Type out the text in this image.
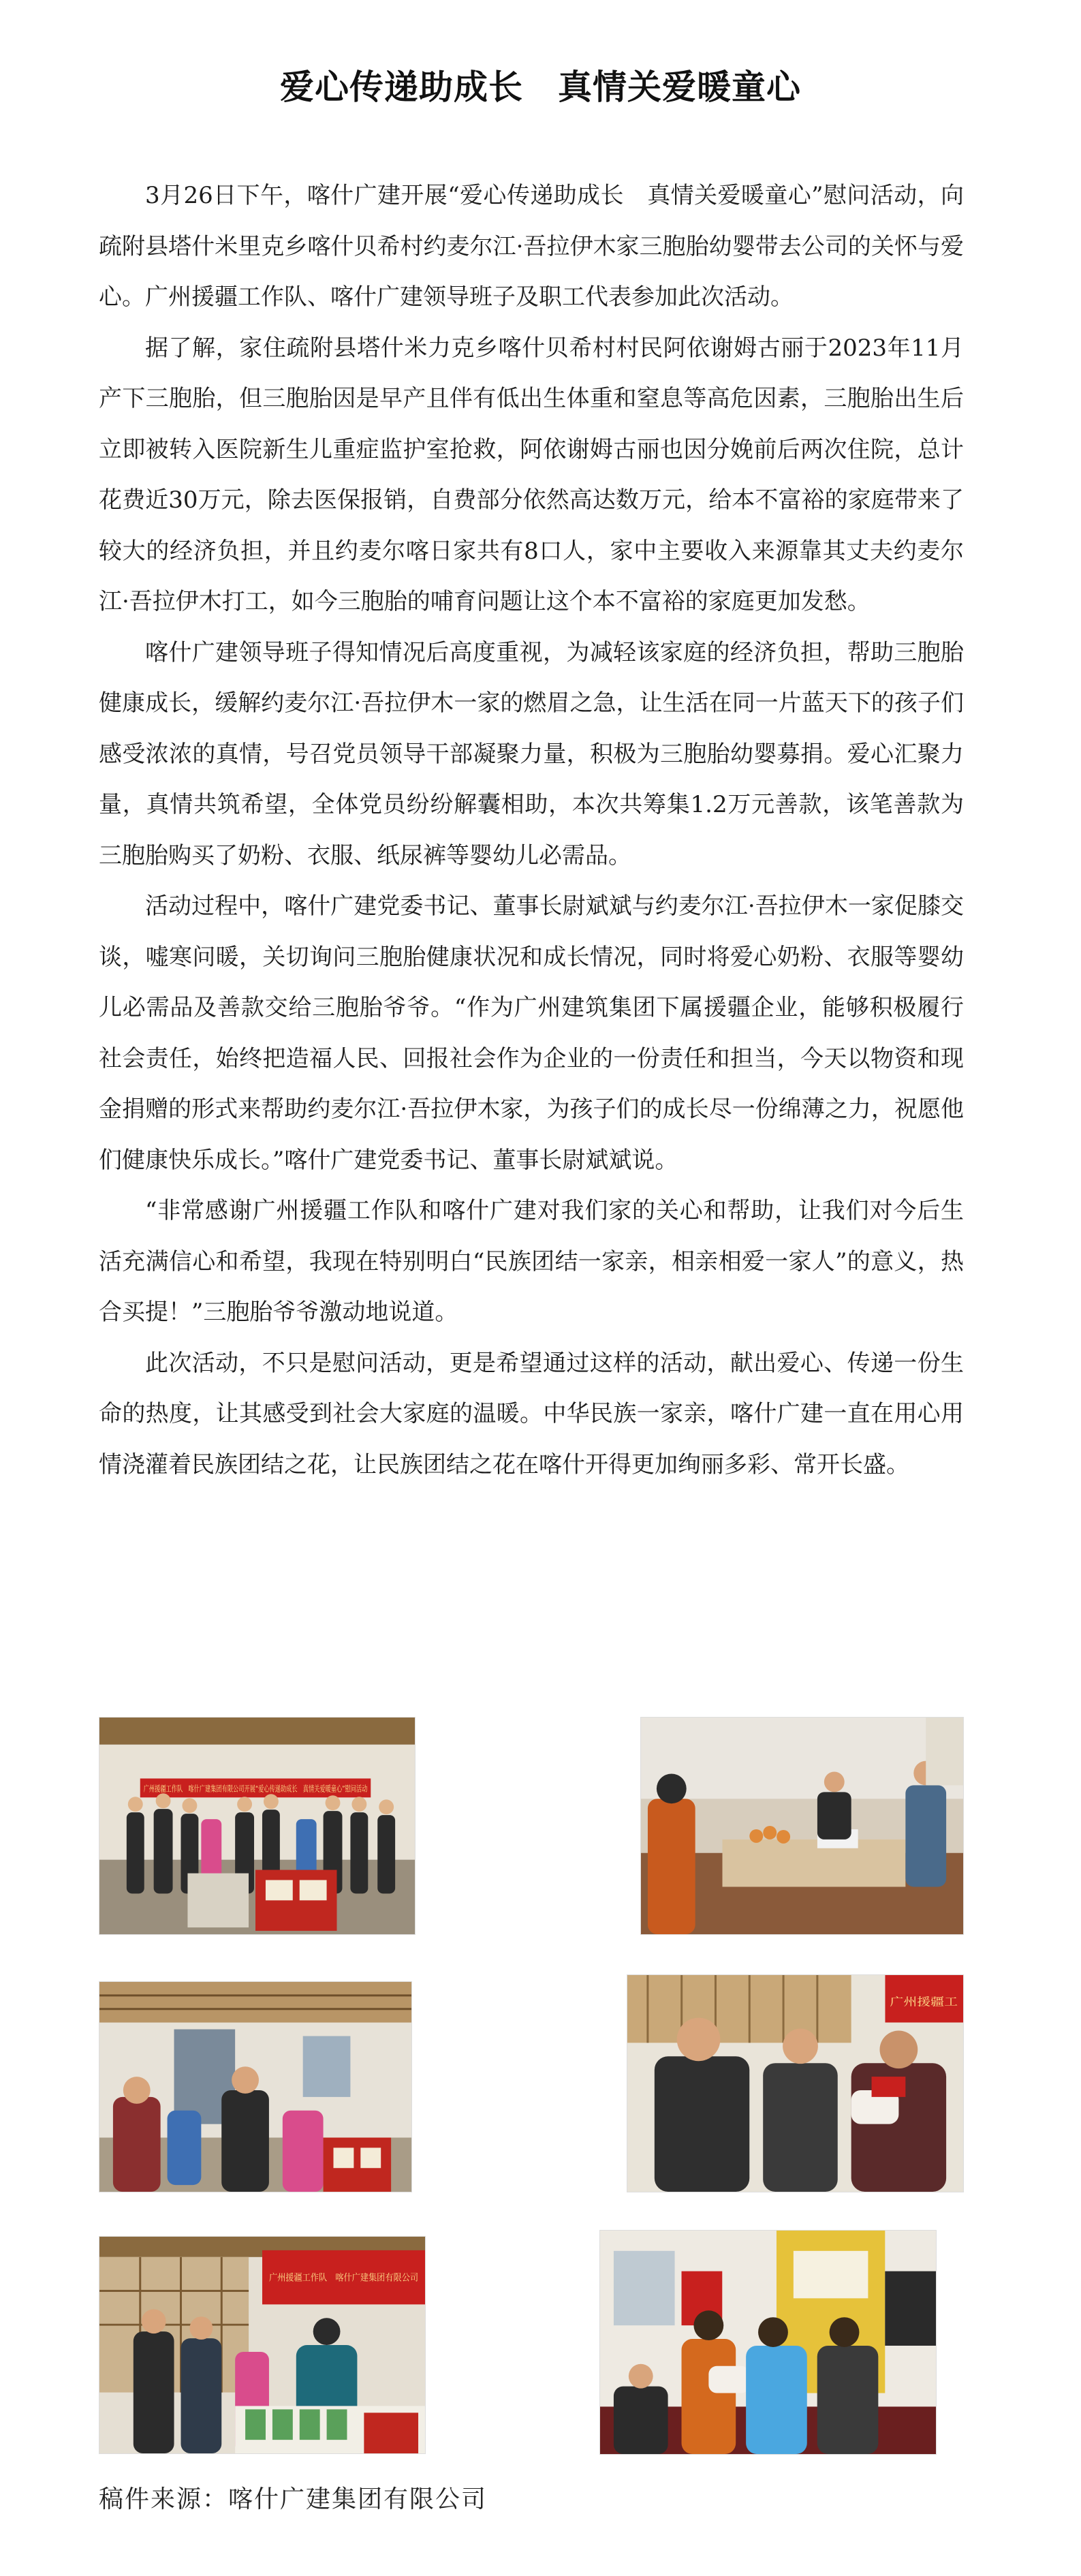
爱心传递助成长　真情关爱暖童心

3月26日下午，喀什广建开展“爱心传递助成长　真情关爱暖童心”慰问活动，向疏附县塔什米里克乡喀什贝希村约麦尔江·吾拉伊木家三胞胎幼婴带去公司的关怀与爱心。广州援疆工作队、喀什广建领导班子及职工代表参加此次活动。

据了解，家住疏附县塔什米力克乡喀什贝希村村民阿依谢姆古丽于2023年11月产下三胞胎，但三胞胎因是早产且伴有低出生体重和窒息等高危因素，三胞胎出生后立即被转入医院新生儿重症监护室抢救，阿依谢姆古丽也因分娩前后两次住院，总计花费近30万元，除去医保报销，自费部分依然高达数万元，给本不富裕的家庭带来了较大的经济负担，并且约麦尔喀日家共有8口人，家中主要收入来源靠其丈夫约麦尔江·吾拉伊木打工，如今三胞胎的哺育问题让这个本不富裕的家庭更加发愁。

喀什广建领导班子得知情况后高度重视，为减轻该家庭的经济负担，帮助三胞胎健康成长，缓解约麦尔江·吾拉伊木一家的燃眉之急，让生活在同一片蓝天下的孩子们感受浓浓的真情，号召党员领导干部凝聚力量，积极为三胞胎幼婴募捐。爱心汇聚力量，真情共筑希望，全体党员纷纷解囊相助，本次共筹集1.2万元善款，该笔善款为三胞胎购买了奶粉、衣服、纸尿裤等婴幼儿必需品。

活动过程中，喀什广建党委书记、董事长尉斌斌与约麦尔江·吾拉伊木一家促膝交谈，嘘寒问暖，关切询问三胞胎健康状况和成长情况，同时将爱心奶粉、衣服等婴幼儿必需品及善款交给三胞胎爷爷。“作为广州建筑集团下属援疆企业，能够积极履行社会责任，始终把造福人民、回报社会作为企业的一份责任和担当，今天以物资和现金捐赠的形式来帮助约麦尔江·吾拉伊木家，为孩子们的成长尽一份绵薄之力，祝愿他们健康快乐成长。”喀什广建党委书记、董事长尉斌斌说。

“非常感谢广州援疆工作队和喀什广建对我们家的关心和帮助，让我们对今后生活充满信心和希望，我现在特别明白“民族团结一家亲，相亲相爱一家人”的意义，热合买提！”三胞胎爷爷激动地说道。

此次活动，不只是慰问活动，更是希望通过这样的活动，献出爱心、传递一份生命的热度，让其感受到社会大家庭的温暖。中华民族一家亲，喀什广建一直在用心用情浇灌着民族团结之花，让民族团结之花在喀什开得更加绚丽多彩、常开长盛。

广州援疆工作队　喀什广建集团有限公司开展“爱心传递助成长　真情关爱暖童心”慰问活动
广州援疆工
广州援疆工作队　喀什广建集团有限公司
稿件来源：喀什广建集团有限公司
